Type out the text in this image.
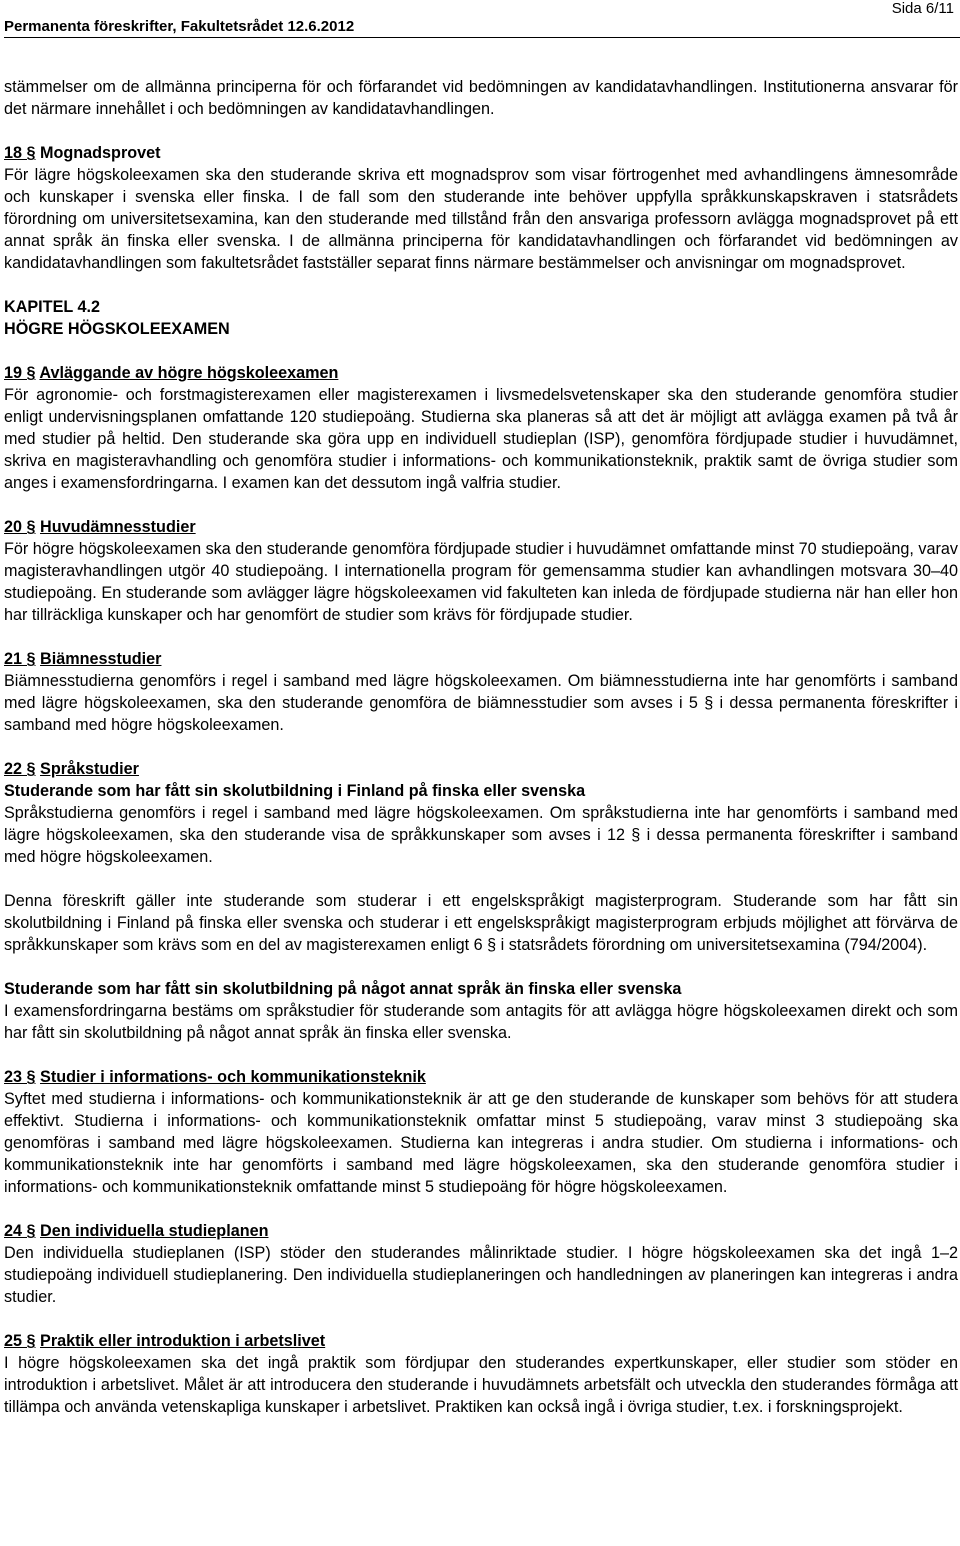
Sida 6/11
Permanenta föreskrifter, Fakultetsrådet 12.6.2012

stämmelser om de allmänna principerna för och förfarandet vid bedömningen av kandidatavhandlingen. Institutionerna ansvarar för det närmare innehållet i och bedömningen av kandidatavhandlingen.

18 § Mognadsprovet

För lägre högskoleexamen ska den studerande skriva ett mognadsprov som visar förtrogenhet med avhandlingens ämnesområde och kunskaper i svenska eller finska. I de fall som den studerande inte behöver uppfylla språkkunskapskraven i statsrådets förordning om universitetsexamina, kan den studerande med tillstånd från den ansvariga professorn avlägga mognadsprovet på ett annat språk än finska eller svenska. I de allmänna principerna för kandidatavhandlingen och förfarandet vid bedömningen av kandidatavhandlingen som fakultetsrådet fastställer separat finns närmare bestämmelser och anvisningar om mognadsprovet.

KAPITEL 4.2
HÖGRE HÖGSKOLEEXAMEN
19 § Avläggande av högre högskoleexamen

För agronomie- och forstmagisterexamen eller magisterexamen i livsmedelsvetenskaper ska den studerande genomföra studier enligt undervisningsplanen omfattande 120 studiepoäng. Studierna ska planeras så att det är möjligt att avlägga examen på två år med studier på heltid. Den studerande ska göra upp en individuell studieplan (ISP), genomföra fördjupade studier i huvudämnet, skriva en magisteravhandling och genomföra studier i informations- och kommunikationsteknik, praktik samt de övriga studier som anges i examensfordringarna. I examen kan det dessutom ingå valfria studier.

20 § Huvudämnesstudier

För högre högskoleexamen ska den studerande genomföra fördjupade studier i huvudämnet omfattande minst 70 studiepoäng, varav magisteravhandlingen utgör 40 studiepoäng. I internationella program för gemensamma studier kan avhandlingen motsvara 30–40 studiepoäng. En studerande som avlägger lägre högskoleexamen vid fakulteten kan inleda de fördjupade studierna när han eller hon har tillräckliga kunskaper och har genomfört de studier som krävs för fördjupade studier.

21 § Biämnesstudier

Biämnesstudierna genomförs i regel i samband med lägre högskoleexamen. Om biämnesstudierna inte har genomförts i samband med lägre högskoleexamen, ska den studerande genomföra de biämnesstudier som avses i 5 § i dessa permanenta föreskrifter i samband med högre högskoleexamen.

22 § Språkstudier
Studerande som har fått sin skolutbildning i Finland på finska eller svenska

Språkstudierna genomförs i regel i samband med lägre högskoleexamen. Om språkstudierna inte har genomförts i samband med lägre högskoleexamen, ska den studerande visa de språkkunskaper som avses i 12 § i dessa permanenta föreskrifter i samband med högre högskoleexamen.

Denna föreskrift gäller inte studerande som studerar i ett engelskspråkigt magisterprogram. Studerande som har fått sin skolutbildning i Finland på finska eller svenska och studerar i ett engelskspråkigt magisterprogram erbjuds möjlighet att förvärva de språkkunskaper som krävs som en del av magisterexamen enligt 6 § i statsrådets förordning om universitetsexamina (794/2004).

Studerande som har fått sin skolutbildning på något annat språk än finska eller svenska

I examensfordringarna bestäms om språkstudier för studerande som antagits för att avlägga högre högskoleexamen direkt och som har fått sin skolutbildning på något annat språk än finska eller svenska.

23 § Studier i informations- och kommunikationsteknik

Syftet med studierna i informations- och kommunikationsteknik är att ge den studerande de kunskaper som behövs för att studera effektivt. Studierna i informations- och kommunikationsteknik omfattar minst 5 studiepoäng, varav minst 3 studiepoäng ska genomföras i samband med lägre högskoleexamen. Studierna kan integreras i andra studier. Om studierna i informations- och kommunikationsteknik inte har genomförts i samband med lägre högskoleexamen, ska den studerande genomföra studier i informations- och kommunikationsteknik omfattande minst 5 studiepoäng för högre högskoleexamen.

24 § Den individuella studieplanen

Den individuella studieplanen (ISP) stöder den studerandes målinriktade studier. I högre högskoleexamen ska det ingå 1–2 studiepoäng individuell studieplanering. Den individuella studieplaneringen och handledningen av planeringen kan integreras i andra studier.

25 § Praktik eller introduktion i arbetslivet

I högre högskoleexamen ska det ingå praktik som fördjupar den studerandes expertkunskaper, eller studier som stöder en introduktion i arbetslivet. Målet är att introducera den studerande i huvudämnets arbetsfält och utveckla den studerandes förmåga att tillämpa och använda vetenskapliga kunskaper i arbetslivet. Praktiken kan också ingå i övriga studier, t.ex. i forskningsprojekt.
